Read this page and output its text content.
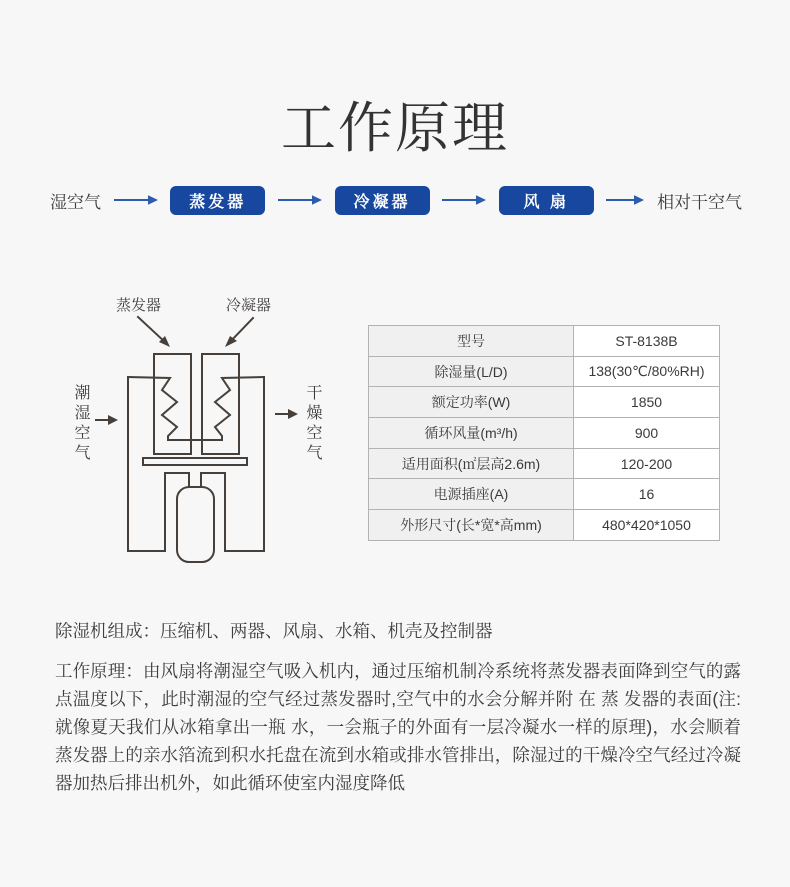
工作原理
湿空气	蒸发器	冷凝器	风 扇	相对干空气
蒸发器	冷凝器
潮湿空气	干燥空气
型号	ST-8138B
除湿量(L/D)	138(30℃/80%RH)
额定功率(W)	1850
循环风量(m³/h)	900
适用面积(㎡层高2.6m)	120-200
电源插座(A)	16
外形尺寸(长*宽*高mm)	480*420*1050
除湿机组成：压缩机、两器、风扇、水箱、机壳及控制器
工作原理：由风扇将潮湿空气吸入机内，通过压缩机制冷系统将蒸发器表面降到空气的露点温度以下，此时潮湿的空气经过蒸发器时,空气中的水会分解并附 在 蒸 发器的表面(注:就像夏天我们从冰箱拿出一瓶 水，一会瓶子的外面有一层冷凝水一样的原理)，水会顺着蒸发器上的亲水箔流到积水托盘在流到水箱或排水管排出，除湿过的干燥冷空气经过冷凝器加热后排出机外，如此循环使室内湿度降低
